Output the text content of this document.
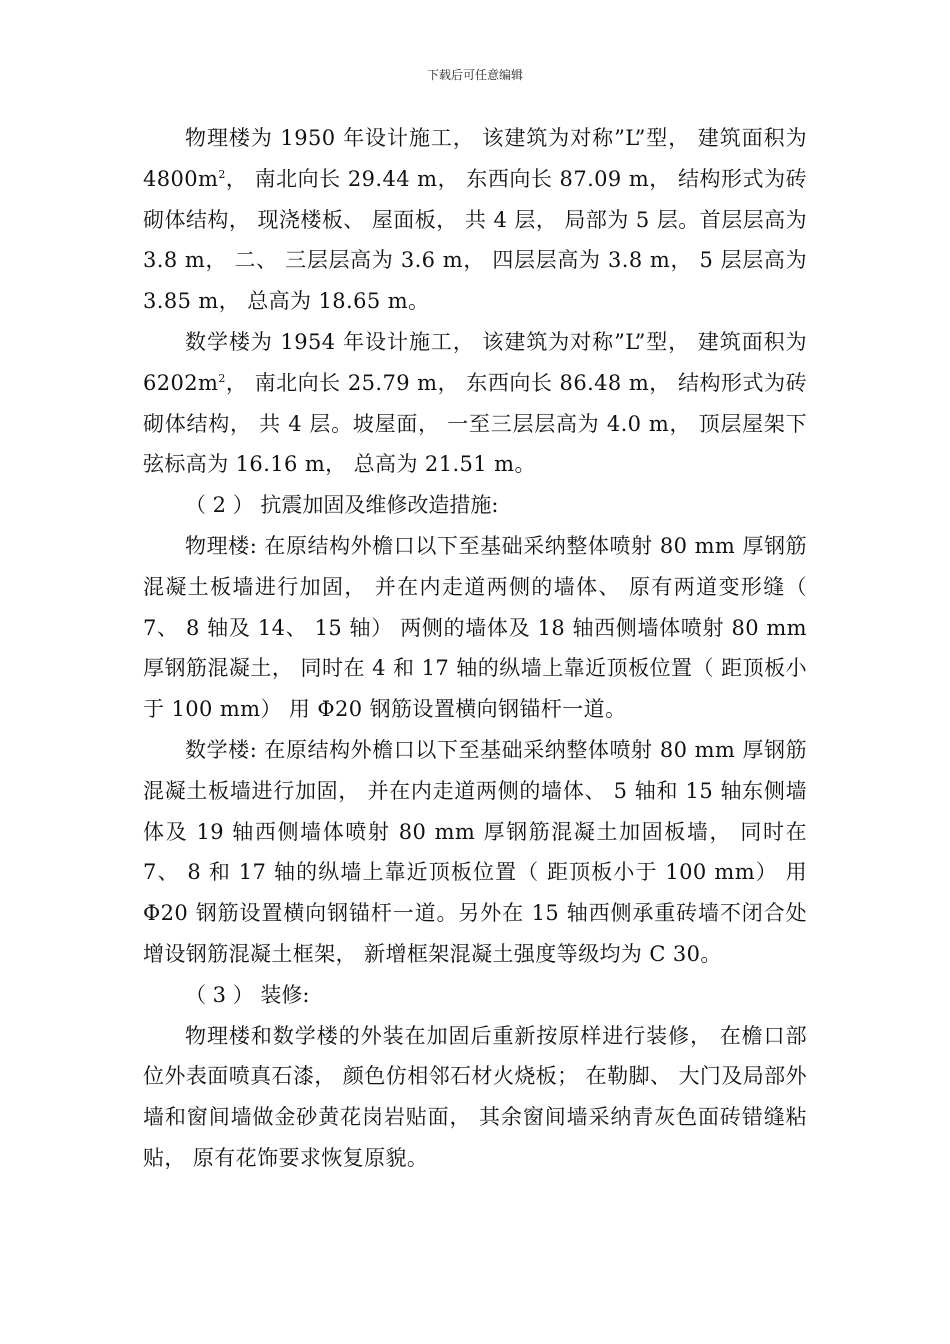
下载后可任意编辑

物理楼为 1950 年设计施工， 该建筑为对称”L”型， 建筑面积为 $4800m^2$， 南北向长 29.44 m， 东西向长 87.09 m， 结构形式为砖砌体结构， 现浇楼板、 屋面板， 共 4 层， 局部为 5 层。首层层高为 3.8 m， 二、 三层层高为 3.6 m， 四层层高为 3.8 m， 5 层层高为 3.85 m， 总高为 18.65 m。

数学楼为 1954 年设计施工， 该建筑为对称”L”型， 建筑面积为 $6202m^2$， 南北向长 25.79 m， 东西向长 86.48 m， 结构形式为砖砌体结构， 共 4 层。坡屋面， 一至三层层高为 4.0 m， 顶层屋架下弦标高为 16.16 m， 总高为 21.51 m。

（ 2 ） 抗震加固及维修改造措施:

物理楼: 在原结构外檐口以下至基础采纳整体喷射 80 mm 厚钢筋混凝土板墙进行加固， 并在内走道两侧的墙体、 原有两道变形缝（ 7、 8 轴及 14、 15 轴） 两侧的墙体及 18 轴西侧墙体喷射 80 mm 厚钢筋混凝土， 同时在 4 和 17 轴的纵墙上靠近顶板位置（ 距顶板小于 100 mm） 用 Φ20 钢筋设置横向钢锚杆一道。

数学楼: 在原结构外檐口以下至基础采纳整体喷射 80 mm 厚钢筋混凝土板墙进行加固， 并在内走道两侧的墙体、 5 轴和 15 轴东侧墙体及 19 轴西侧墙体喷射 80 mm 厚钢筋混凝土加固板墙， 同时在 7、 8 和 17 轴的纵墙上靠近顶板位置（ 距顶板小于 100 mm） 用 Φ20 钢筋设置横向钢锚杆一道。另外在 15 轴西侧承重砖墙不闭合处增设钢筋混凝土框架， 新增框架混凝土强度等级均为 C 30。

（ 3 ） 装修:

物理楼和数学楼的外装在加固后重新按原样进行装修， 在檐口部位外表面喷真石漆， 颜色仿相邻石材火烧板； 在勒脚、 大门及局部外墙和窗间墙做金砂黄花岗岩贴面， 其余窗间墙采纳青灰色面砖错缝粘贴， 原有花饰要求恢复原貌。
